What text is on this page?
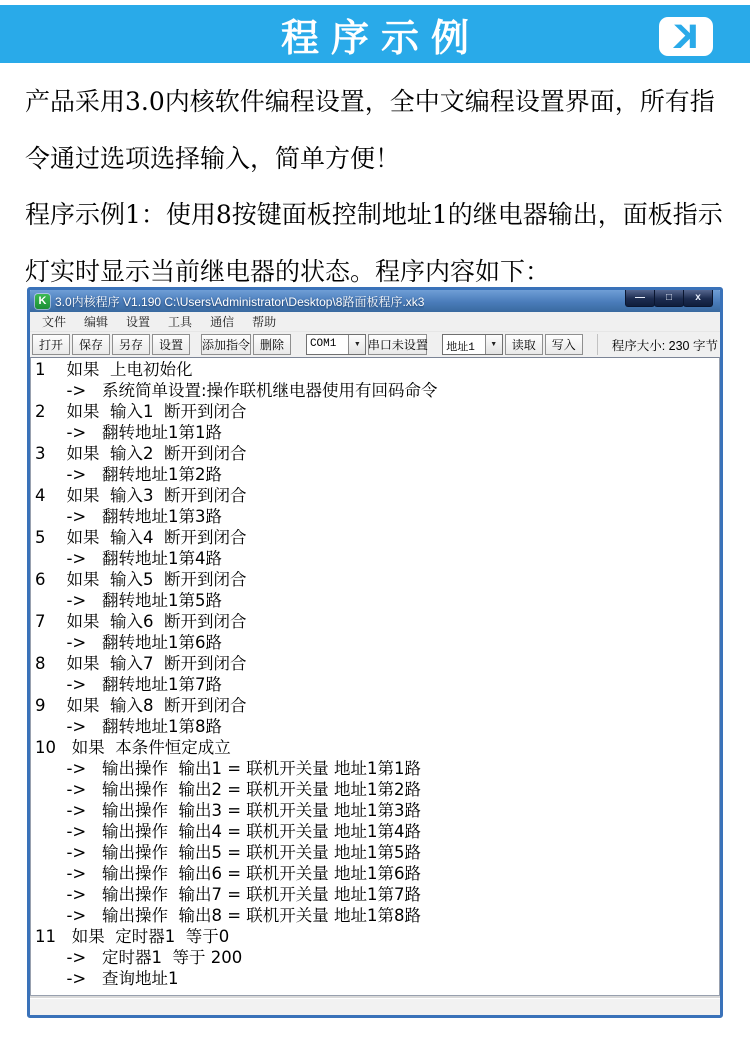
程序示例	K
产品采用3.0内核软件编程设置，全中文编程设置界面，所有指
令通过选项选择输入，简单方便！
程序示例1：使用8按键面板控制地址1的继电器输出，面板指示
灯实时显示当前继电器的状态。程序内容如下：
K 3.0内核程序 V1.190 C:\Users\Administrator\Desktop\8路面板程序.xk3	—	□	x
文件	编辑	设置	工具	通信	帮助
打开	保存	另存	设置	添加指令 删除	COM1	▼ 串口未设置 地址1	▼	读取	写入	程序大小: 230 字节
1    如果  上电初始化
->   系统简单设置:操作联机继电器使用有回码命令
2    如果  输入1  断开到闭合
->   翻转地址1第1路
3    如果  输入2  断开到闭合
->   翻转地址1第2路
4    如果  输入3  断开到闭合
->   翻转地址1第3路
5    如果  输入4  断开到闭合
->   翻转地址1第4路
6    如果  输入5  断开到闭合
->   翻转地址1第5路
7    如果  输入6  断开到闭合
->   翻转地址1第6路
8    如果  输入7  断开到闭合
->   翻转地址1第7路
9    如果  输入8  断开到闭合
->   翻转地址1第8路
10   如果  本条件恒定成立
->   输出操作  输出1 = 联机开关量 地址1第1路
->   输出操作  输出2 = 联机开关量 地址1第2路
->   输出操作  输出3 = 联机开关量 地址1第3路
->   输出操作  输出4 = 联机开关量 地址1第4路
->   输出操作  输出5 = 联机开关量 地址1第5路
->   输出操作  输出6 = 联机开关量 地址1第6路
->   输出操作  输出7 = 联机开关量 地址1第7路
->   输出操作  输出8 = 联机开关量 地址1第8路
11   如果  定时器1  等于0
->   定时器1  等于 200
->   查询地址1
